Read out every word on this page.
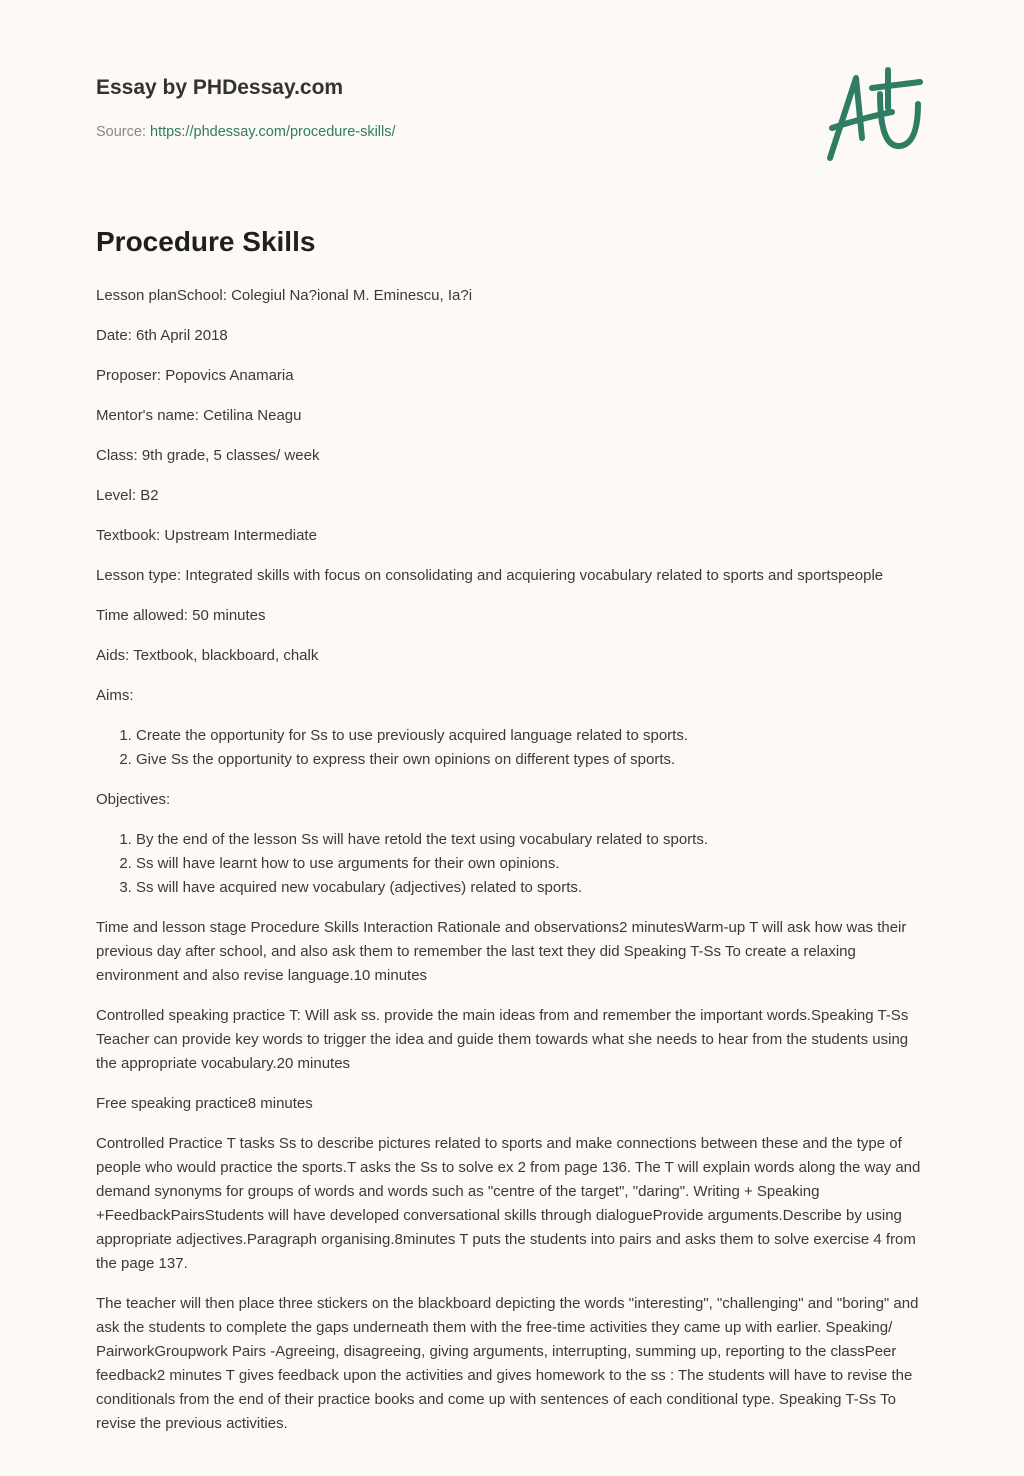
Essay by PHDessay.com
Source: https://phdessay.com/procedure-skills/
Procedure Skills

Lesson planSchool: Colegiul Na?ional M. Eminescu, Ia?i

Date: 6th April 2018

Proposer: Popovics Anamaria

Mentor's name: Cetilina Neagu

Class: 9th grade, 5 classes/ week

Level: B2

Textbook: Upstream Intermediate

Lesson type: Integrated skills with focus on consolidating and acquiering vocabulary related to sports and sportspeople

Time allowed: 50 minutes

Aids: Textbook, blackboard, chalk

Aims:

1. Create the opportunity for Ss to use previously acquired language related to sports.
2. Give Ss the opportunity to express their own opinions on different types of sports.

Objectives:

1. By the end of the lesson Ss will have retold the text using vocabulary related to sports.
2. Ss will have learnt how to use arguments for their own opinions.
3. Ss will have acquired new vocabulary (adjectives) related to sports.

Time and lesson stage Procedure Skills Interaction Rationale and observations2 minutesWarm-up T will ask how was their previous day after school, and also ask them to remember the last text they did Speaking T-Ss To create a relaxing environment and also revise language.10 minutes

Controlled speaking practice T: Will ask ss. provide the main ideas from and remember the important words.Speaking T-Ss Teacher can provide key words to trigger the idea and guide them towards what she needs to hear from the students using the appropriate vocabulary.20 minutes

Free speaking practice8 minutes

Controlled Practice T tasks Ss to describe pictures related to sports and make connections between these and the type of people who would practice the sports.T asks the Ss to solve ex 2 from page 136. The T will explain words along the way and demand synonyms for groups of words and words such as "centre of the target", "daring". Writing + Speaking +FeedbackPairsStudents will have developed conversational skills through dialogueProvide arguments.Describe by using appropriate adjectives.Paragraph organising.8minutes T puts the students into pairs and asks them to solve exercise 4 from the page 137.

The teacher will then place three stickers on the blackboard depicting the words "interesting", "challenging" and "boring" and ask the students to complete the gaps underneath them with the free-time activities they came up with earlier. Speaking/ PairworkGroupwork Pairs -Agreeing, disagreeing, giving arguments, interrupting, summing up, reporting to the classPeer feedback2 minutes T gives feedback upon the activities and gives homework to the ss : The students will have to revise the conditionals from the end of their practice books and come up with sentences of each conditional type. Speaking T-Ss To revise the previous activities.
